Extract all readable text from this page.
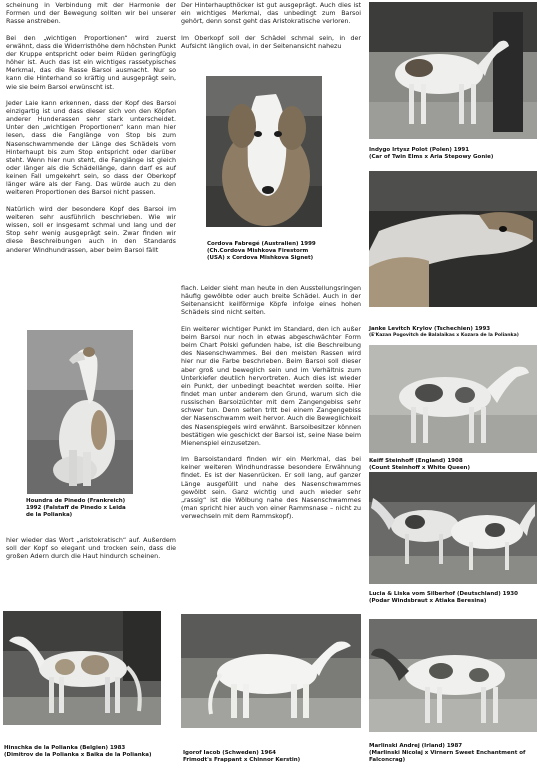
scheinung in Verbindung mit der Harmonie der Formen und der Bewegung sollten wir bei unserer Rasse anstreben.

Bei den „wichtigen Proportionen“ wird zuerst erwähnt, dass die Widerristhöhe dem höchsten Punkt der Kruppe entspricht oder beim Rüden geringfügig höher ist. Auch das ist ein wichtiges rassetypisches Merkmal, das die Rasse Barsoi ausmacht. Nur so kann die Hinterhand so kräftig und ausgeprägt sein, wie sie beim Barsoi erwünscht ist.

Jeder Laie kann erkennen, dass der Kopf des Barsoi einzigartig ist und dass dieser sich von den Köpfen anderer Hunderassen sehr stark unterscheidet. Unter den „wichtigen Proportionen“ kann man hier lesen, dass die Fanglänge von Stop bis zum Nasenschwammende der Länge des Schädels vom Hinterhaupt bis zum Stop entspricht oder darüber steht. Wenn hier nun steht, die Fanglänge ist gleich oder länger als die Schädellänge, dann darf es auf keinen Fall umgekehrt sein, so dass der Oberkopf länger wäre als der Fang. Das würde auch zu den weiteren Proportionen des Barsoi nicht passen.

Natürlich wird der besondere Kopf des Barsoi im weiteren sehr ausführlich beschrieben. Wie wir wissen, soll er insgesamt schmal und lang und der Stop sehr wenig ausgeprägt sein. Zwar finden wir diese Beschreibungen auch in den Standards anderer Windhundrassen, aber beim Barsoi fällt

Houndra de Pinedo (Frankreich)
1992 (Falstaff de Pinedo x Leida
de la Polianka)

hier wieder das Wort „aristokratisch“ auf. Außerdem soll der Kopf so elegant und trocken sein, dass die großen Adern durch die Haut hindurch scheinen.

Hinschka de la Polianka (Belgien) 1983
(Dimitrov de la Polianka x Baika de la Polianka)

Der Hinterhaupthöcker ist gut ausgeprägt. Auch dies ist ein wichtiges Merkmal, das unbedingt zum Barsoi gehört, denn sonst geht das Aristokratische verloren.

Im Oberkopf soll der Schädel schmal sein, in der Aufsicht länglich oval, in der Seitenansicht nahezu

Cordova Fabregé (Australien) 1999
(Ch.Cordova Mishkova Firestorm
(USA) x Cordova Mishkova Signet)

flach. Leider sieht man heute in den Ausstellungsringen häufig gewölbte oder auch breite Schädel. Auch in der Seitenansicht keilförmige Köpfe infolge eines hohen Schädels sind nicht selten.

Ein weiterer wichtiger Punkt im Standard, den ich außer beim Barsoi nur noch in etwas abgeschwächter Form beim Chart Polski gefunden habe, ist die Beschreibung des Nasenschwammes. Bei den meisten Rassen wird hier nur die Farbe beschrieben. Beim Barsoi soll dieser aber groß und beweglich sein und im Verhältnis zum Unterkiefer deutlich hervortreten. Auch dies ist wieder ein Punkt, der unbedingt beachtet werden sollte. Hier findet man unter anderem den Grund, warum sich die russischen Barsoizüchter mit dem Zangengebiss sehr schwer tun. Denn selten tritt bei einem Zangengebiss der Nasenschwamm weit hervor. Auch die Beweglichkeit des Nasenspiegels wird erwähnt. Barsoibesitzer können bestätigen wie geschickt der Barsoi ist, seine Nase beim Mienenspiel einzusetzen.

Im Barsoistandard finden wir ein Merkmal, das bei keiner weiteren Windhundrasse besondere Erwähnung findet. Es ist der Nasenrücken. Er soll lang, auf ganzer Länge ausgefüllt und nahe des Nasenschwammes gewölbt sein. Ganz wichtig und auch wieder sehr „rassig“ ist die Wölbung nahe des Nasenschwammes (man spricht hier auch von einer Rammsnase – nicht zu verwechseln mit dem Rammskopf).

Igorof Iacob (Schweden) 1964
Frimodt's Frappant x Chinnor Kerstin)
Indygo Irtysz Polot (Polen) 1991
(Car of Twin Elms x Aria Stepowy Gonie)
Janke Levitch Krylov (Tschechien) 1993
(E'Kazan Pogovitch de Balalaikas x Kozara de la Polianka)
Keiff Steinhoff (England) 1908
(Count Steinhoff x White Queen)
Lucia & Liska vom Silberhof (Deutschland) 1930
(Podar Windsbraut x Atiaka Beresina)
Marlinski Andrej (Irland) 1987
(Marlinski Nicolaj x Virnern Sweet Enchantment of
Falconcrag)
